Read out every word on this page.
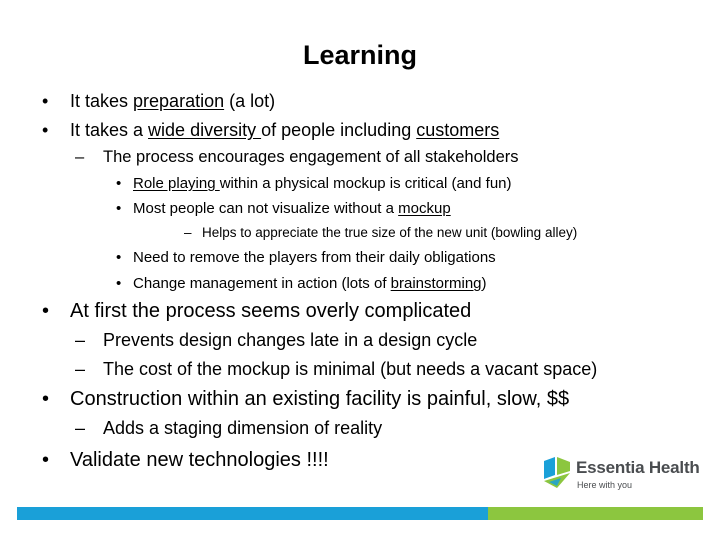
Learning
• It takes preparation (a lot)
• It takes a wide diversity of people including customers
– The process encourages engagement of all stakeholders
• Role playing within a physical mockup is critical (and fun)
• Most people can not visualize without a mockup
– Helps to appreciate the true size of the new unit (bowling alley)
• Need to remove the players from their daily obligations
• Change management in action (lots of brainstorming)
• At first the process seems overly complicated
– Prevents design changes late in a design cycle
– The cost of the mockup is minimal (but needs a vacant space)
• Construction within an existing facility is painful, slow, $$
– Adds a staging dimension of reality
• Validate new technologies !!!!	Essentia Health
Here with you
